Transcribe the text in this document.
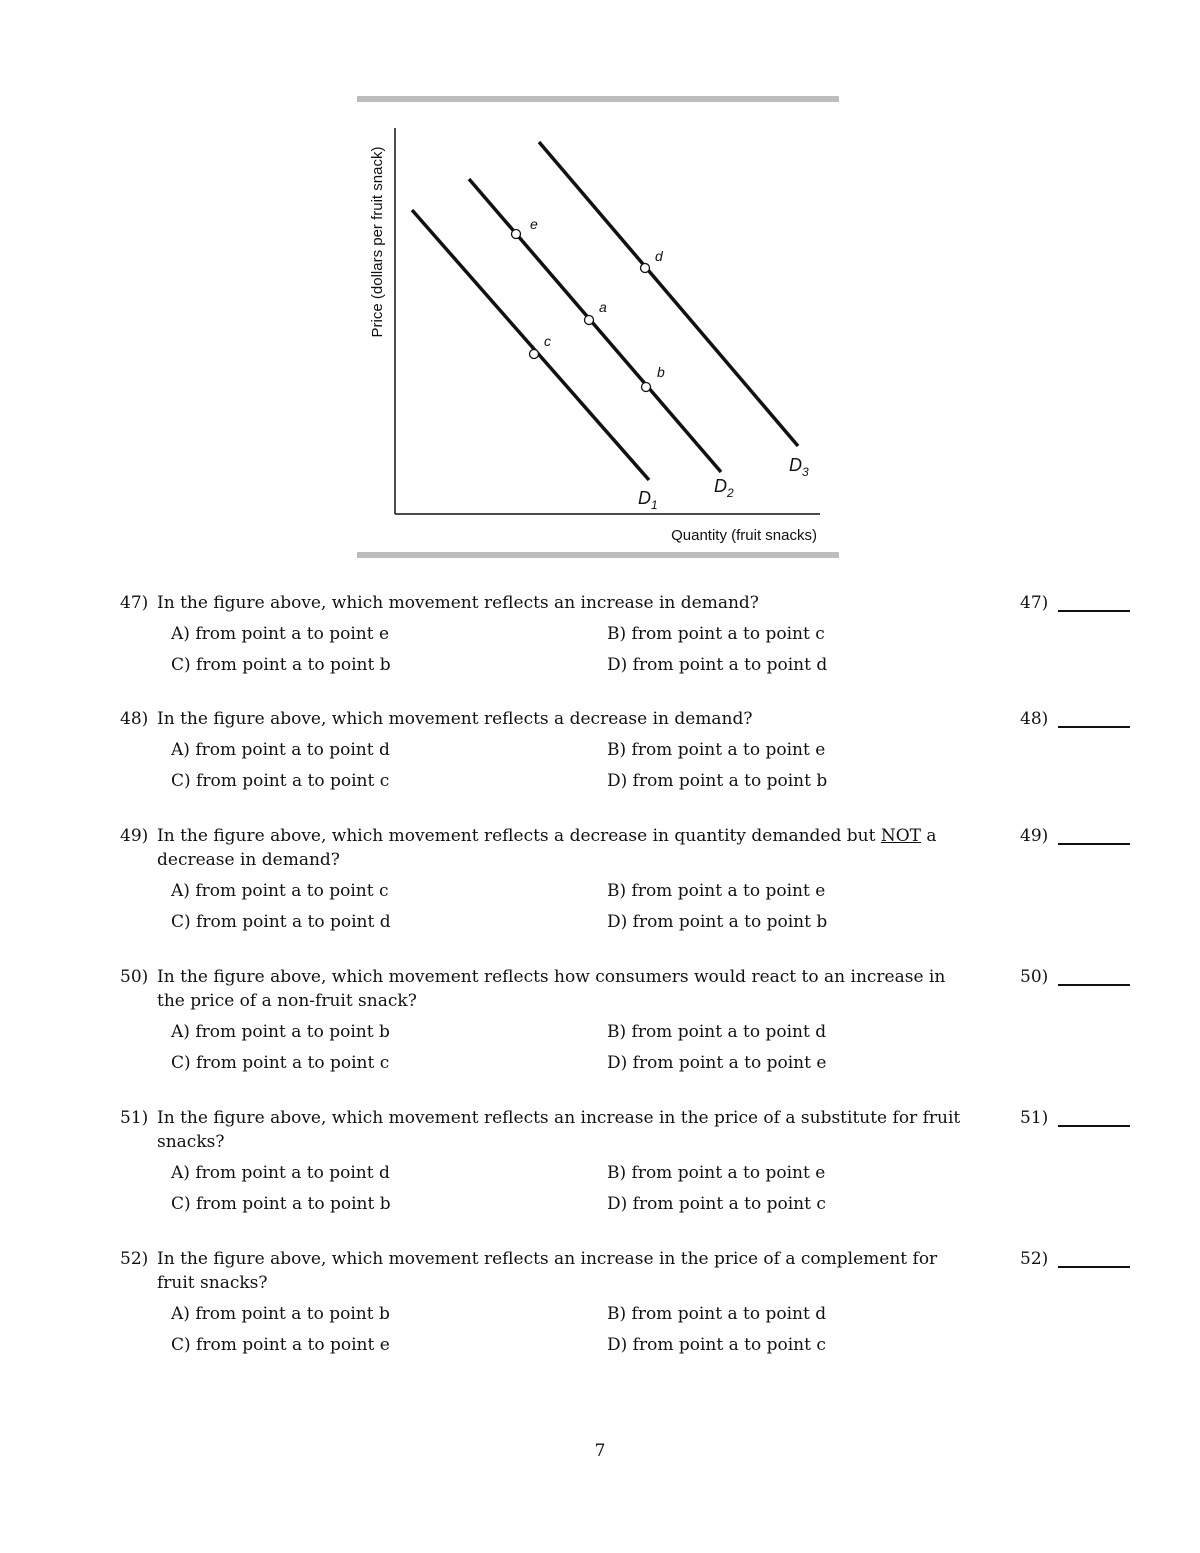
Price (dollars per fruit snack)
Quantity (fruit snacks)
e
d
a
c
b
$D_1$
$D_2$
$D_3$
47) In the figure above, which movement reflects an increase in demand?	47)
A) from point a to point e	B) from point a to point c
C) from point a to point b	D) from point a to point d
48) In the figure above, which movement reflects a decrease in demand?	48)
A) from point a to point d	B) from point a to point e
C) from point a to point c	D) from point a to point b
49) In the figure above, which movement reflects a decrease in quantity demanded but NOT a decrease in demand?
49)
A) from point a to point c	B) from point a to point e
C) from point a to point d	D) from point a to point b
50) In the figure above, which movement reflects how consumers would react to an increase in the price of a non-fruit snack?
50)
A) from point a to point b	B) from point a to point d
C) from point a to point c	D) from point a to point e
51) In the figure above, which movement reflects an increase in the price of a substitute for fruit snacks?
51)
A) from point a to point d	B) from point a to point e
C) from point a to point b	D) from point a to point c
52) In the figure above, which movement reflects an increase in the price of a complement for fruit snacks?
52)
A) from point a to point b	B) from point a to point d
C) from point a to point e	D) from point a to point c
7
